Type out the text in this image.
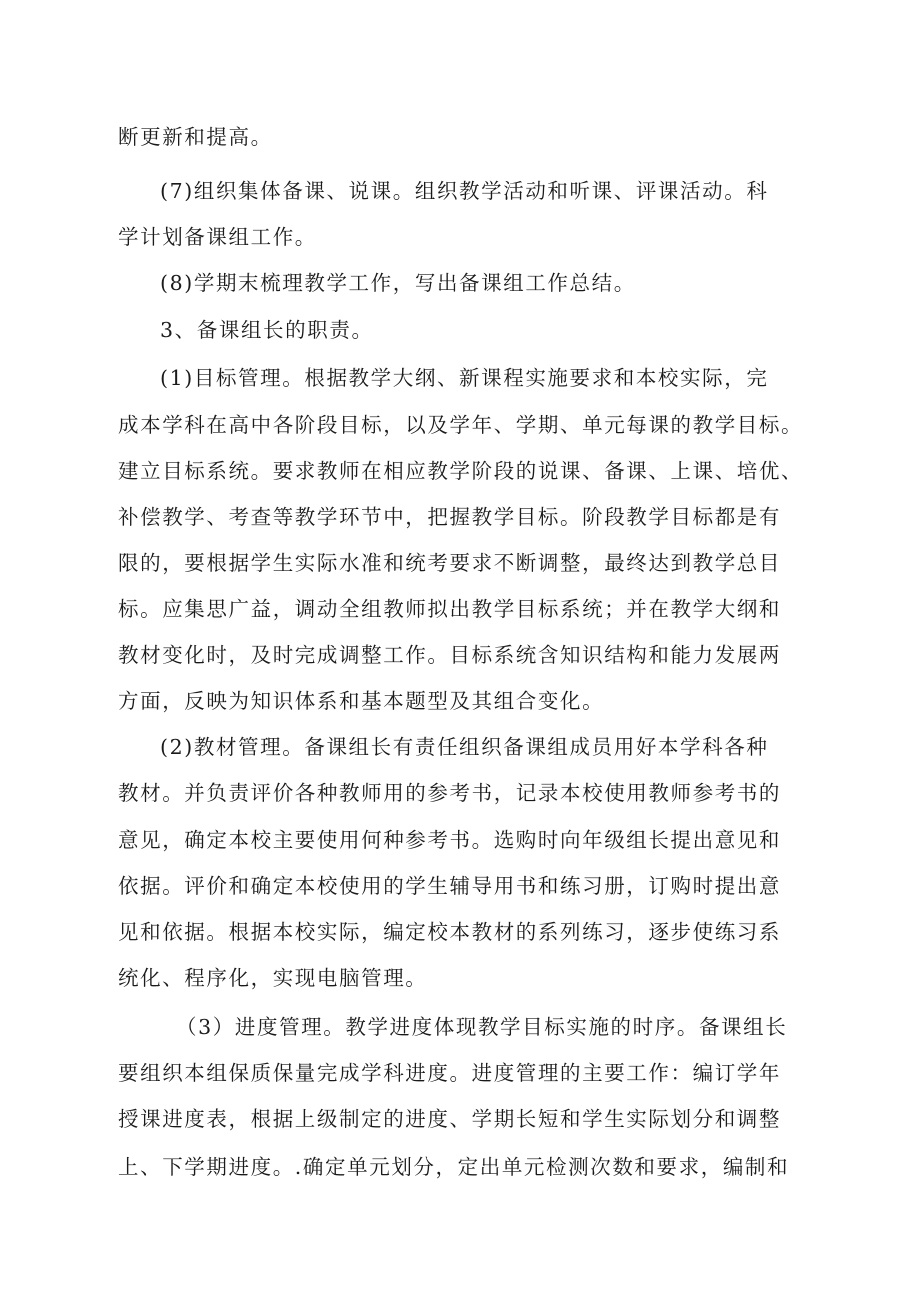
断更新和提高。
(7)组织集体备课、说课。组织教学活动和听课、评课活动。科
学计划备课组工作。
(8)学期末梳理教学工作，写出备课组工作总结。
3、备课组长的职责。
(1)目标管理。根据教学大纲、新课程实施要求和本校实际，完
成本学科在高中各阶段目标，以及学年、学期、单元每课的教学目标。
建立目标系统。要求教师在相应教学阶段的说课、备课、上课、培优、
补偿教学、考查等教学环节中，把握教学目标。阶段教学目标都是有
限的，要根据学生实际水准和统考要求不断调整，最终达到教学总目
标。应集思广益，调动全组教师拟出教学目标系统；并在教学大纲和
教材变化时，及时完成调整工作。目标系统含知识结构和能力发展两
方面，反映为知识体系和基本题型及其组合变化。
(2)教材管理。备课组长有责任组织备课组成员用好本学科各种
教材。并负责评价各种教师用的参考书，记录本校使用教师参考书的
意见，确定本校主要使用何种参考书。选购时向年级组长提出意见和
依据。评价和确定本校使用的学生辅导用书和练习册，订购时提出意
见和依据。根据本校实际，编定校本教材的系列练习，逐步使练习系
统化、程序化，实现电脑管理。
（3）进度管理。教学进度体现教学目标实施的时序。备课组长
要组织本组保质保量完成学科进度。进度管理的主要工作：编订学年
授课进度表，根据上级制定的进度、学期长短和学生实际划分和调整
上、下学期进度。.确定单元划分，定出单元检测次数和要求，编制和
